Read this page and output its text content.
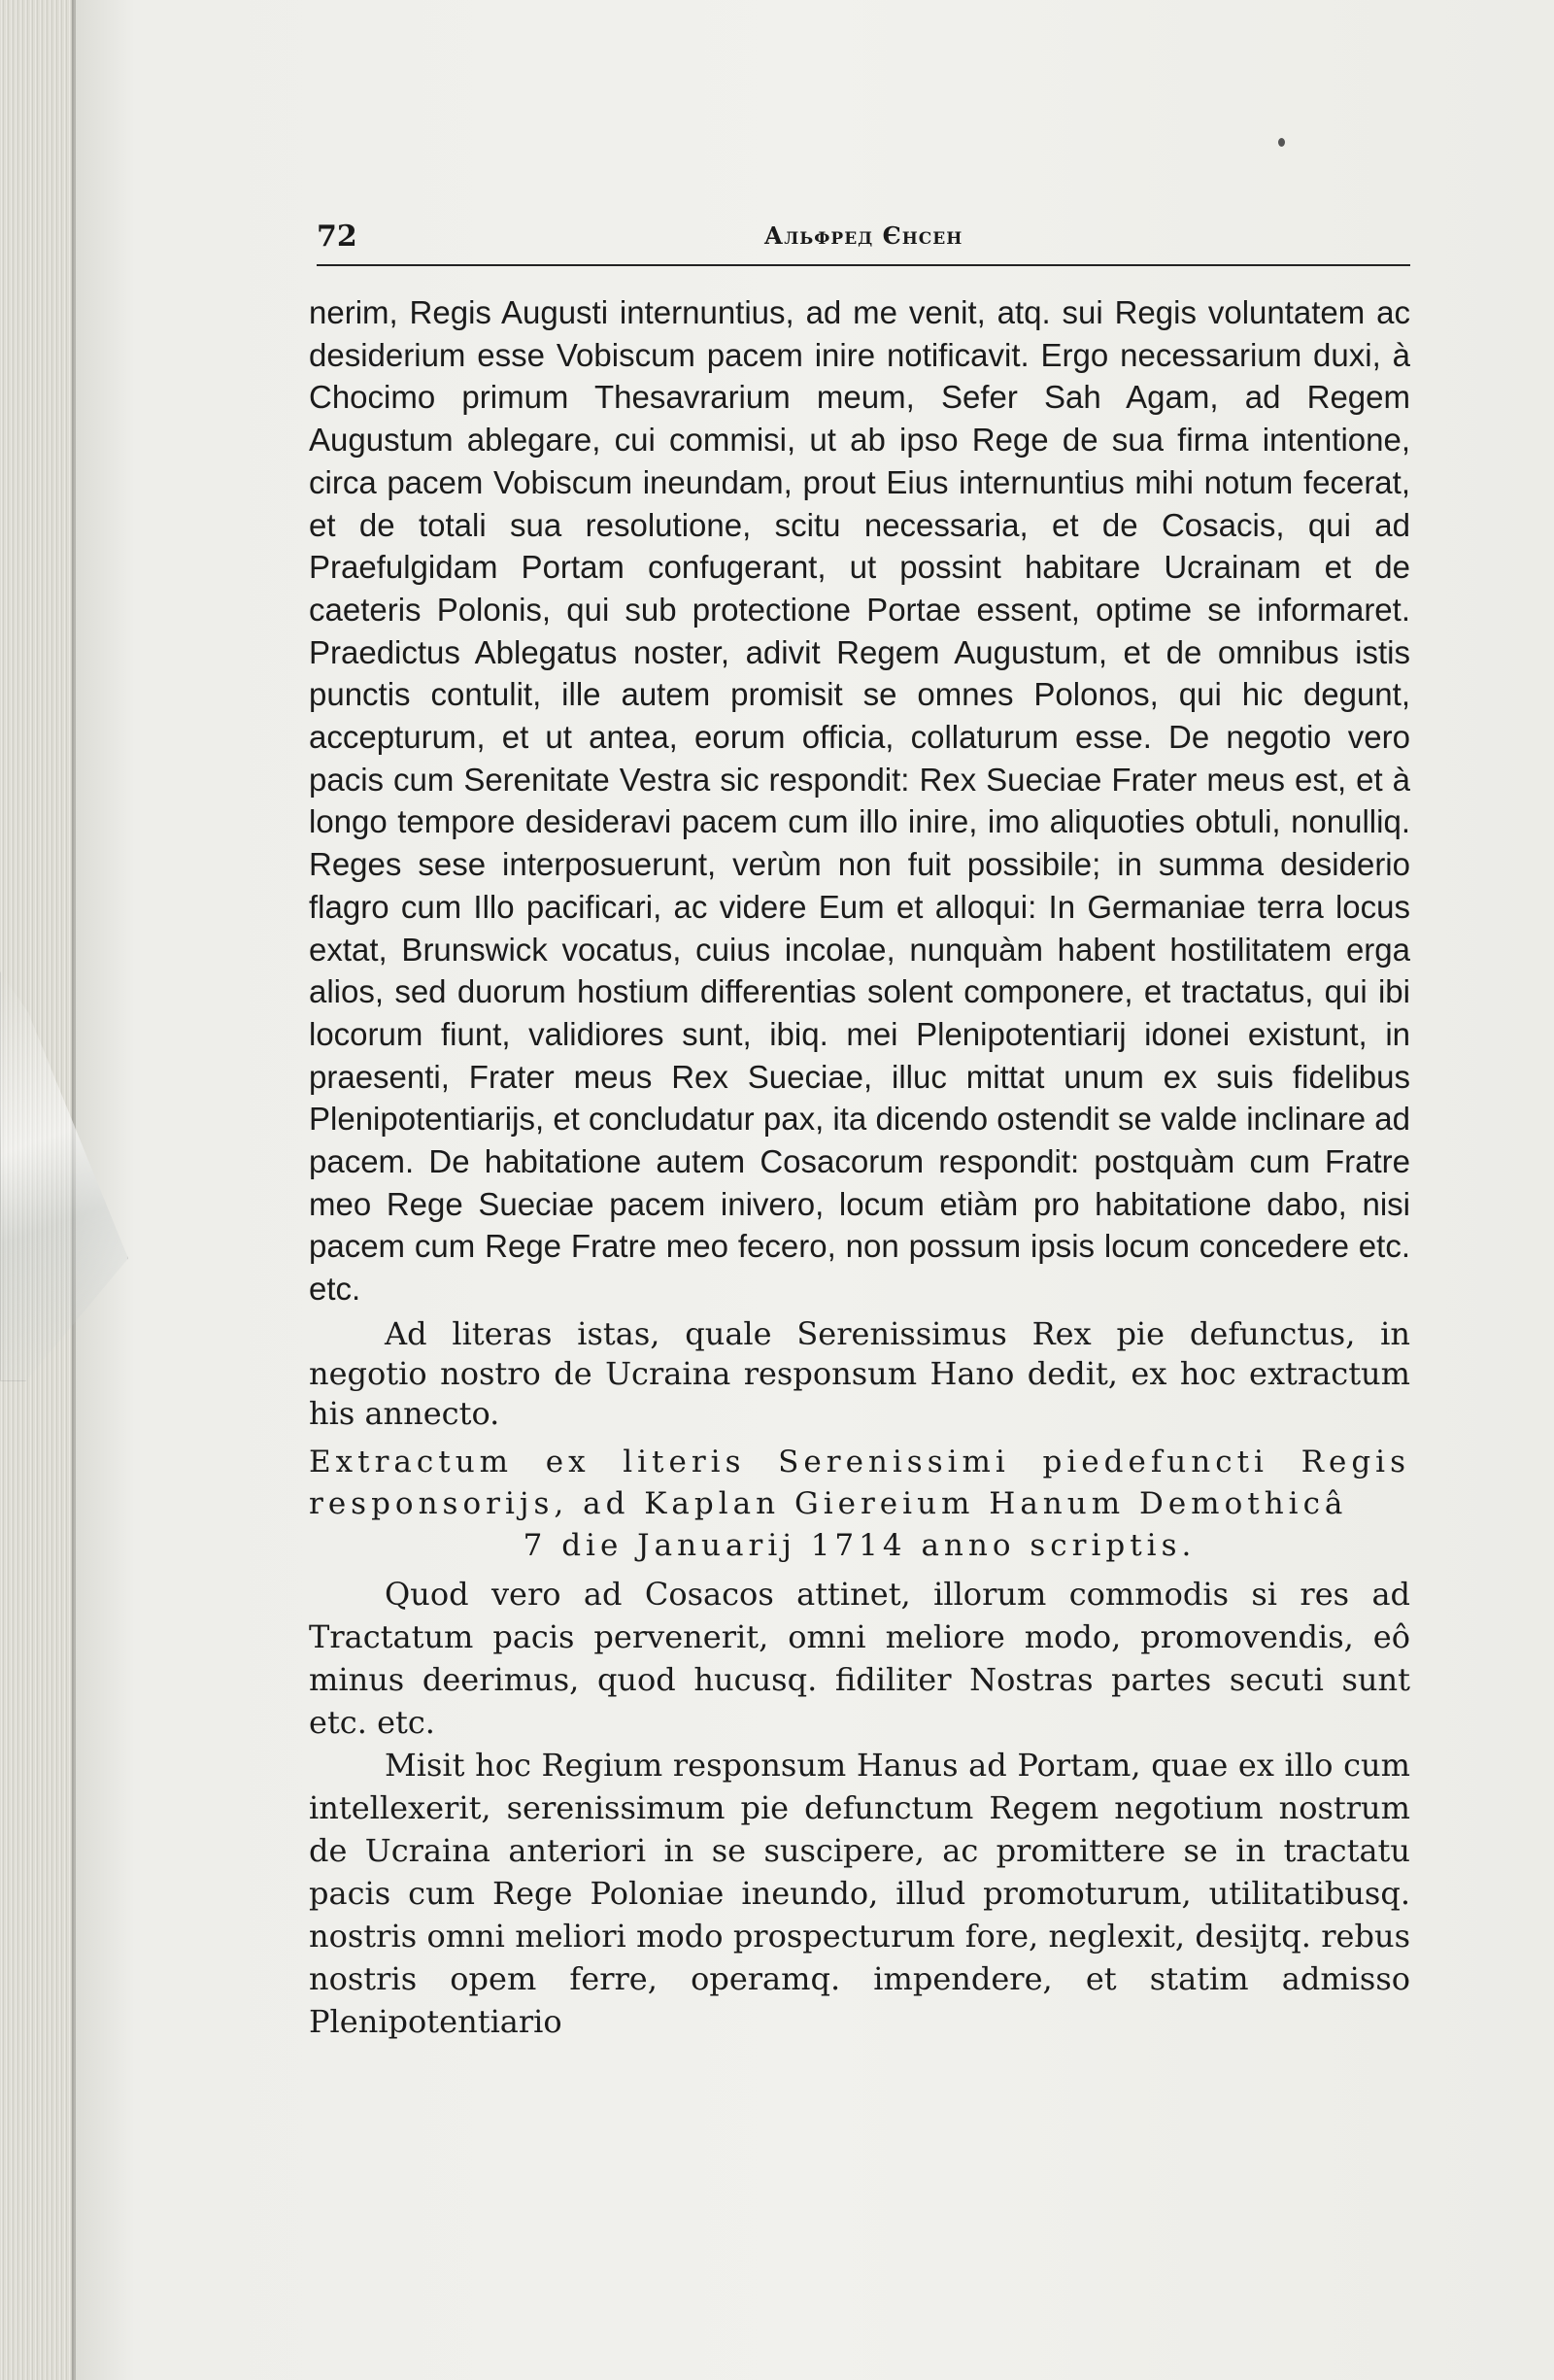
72	Альфред Єнсен

nerim, Regis Augusti internuntius, ad me venit, atq. sui Regis voluntatem ac desiderium esse Vobiscum pacem inire notificavit. Ergo necessarium duxi, à Chocimo primum Thesavrarium meum, Sefer Sah Agam, ad Regem Augustum ablegare, cui commisi, ut ab ipso Rege de sua firma intentione, circa pacem Vobiscum ineundam, prout Eius internuntius mihi notum fecerat, et de totali sua resolutione, scitu necessaria, et de Cosacis, qui ad Praefulgidam Portam confugerant, ut possint habitare Ucrainam et de caeteris Polonis, qui sub protectione Portae essent, optime se informaret. Praedictus Ablegatus noster, adivit Regem Augustum, et de omnibus istis punctis contulit, ille autem promisit se omnes Polonos, qui hic degunt, accepturum, et ut antea, eorum officia, collaturum esse. De negotio vero pacis cum Serenitate Vestra sic respondit: Rex Sueciae Frater meus est, et à longo tempore desideravi pacem cum illo inire, imo aliquoties obtuli, nonulliq. Reges sese interposuerunt, verùm non fuit possibile; in summa desiderio flagro cum Illo pacificari, ac videre Eum et alloqui: In Germaniae terra locus extat, Brunswick vocatus, cuius incolae, nunquàm habent hostilitatem erga alios, sed duorum hostium differentias solent componere, et tractatus, qui ibi locorum fiunt, validiores sunt, ibiq. mei Plenipotentiarij idonei existunt, in praesenti, Frater meus Rex Sueciae, illuc mittat unum ex suis fidelibus Plenipotentiarijs, et concludatur pax, ita dicendo ostendit se valde inclinare ad pacem. De habitatione autem Cosacorum respondit: postquàm cum Fratre meo Rege Sueciae pacem inivero, locum etiàm pro habitatione dabo, nisi pacem cum Rege Fratre meo fecero, non possum ipsis locum concedere etc. etc.

Ad literas istas, quale Serenissimus Rex pie defunctus, in negotio nostro de Ucraina responsum Hano dedit, ex hoc extractum his annecto.

Extractum ex literis Serenissimi piedefuncti Regis responsorijs, ad Kaplan Giereium Hanum Demothicâ

7 die Januarij 1714 anno scriptis.

Quod vero ad Cosacos attinet, illorum commodis si res ad Tractatum pacis pervenerit, omni meliore modo, promovendis, eô minus deerimus, quod hucusq. fidiliter Nostras partes secuti sunt etc. etc.

Misit hoc Regium responsum Hanus ad Portam, quae ex illo cum intellexerit, serenissimum pie defunctum Regem negotium nostrum de Ucraina anteriori in se suscipere, ac promittere se in tractatu pacis cum Rege Poloniae ineundo, illud promoturum, utilitatibusq. nostris omni meliori modo prospecturum fore, neglexit, desijtq. rebus nostris opem ferre, operamq. impendere, et statim admisso Plenipotentiario
